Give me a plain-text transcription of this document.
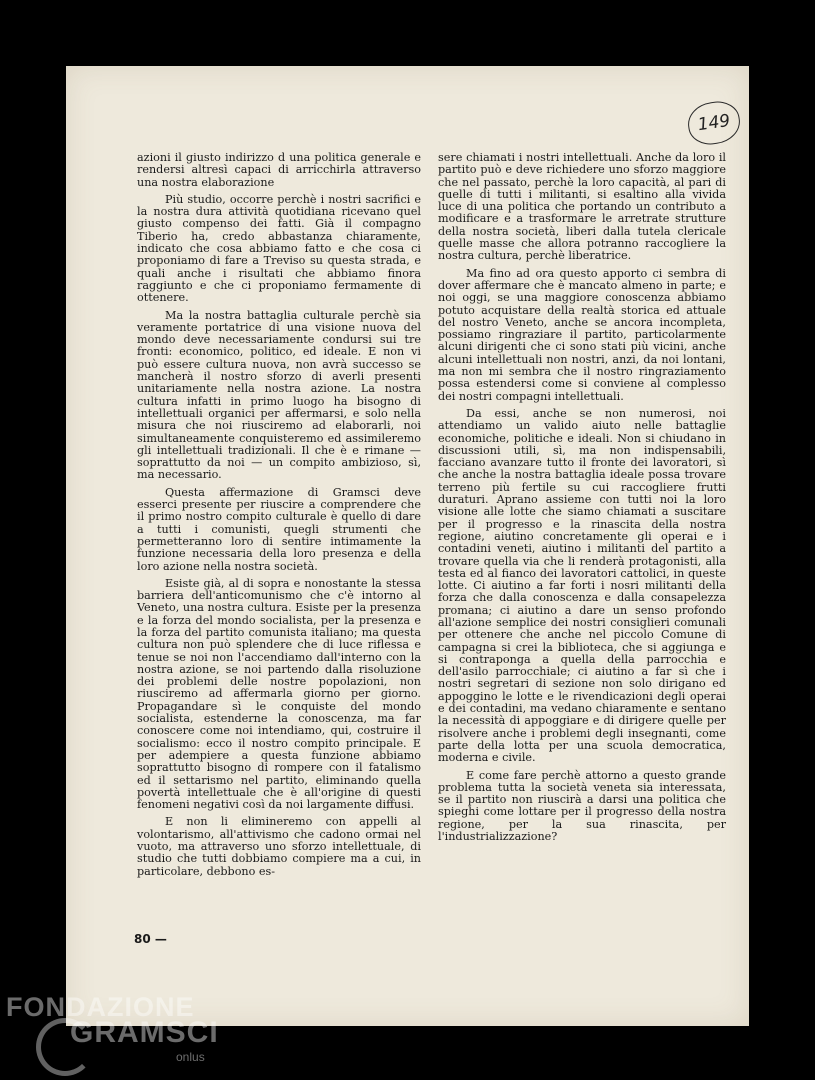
149

azioni il giusto indirizzo d una politica generale e rendersi altresì capaci di arricchirla attraverso una nostra elaborazione

Più studio, occorre perchè i nostri sacrifici e la nostra dura attività quotidiana ricevano quel giusto compenso dei fatti. Già il compagno Tiberio ha, credo abbastanza chiaramente, indicato che cosa abbiamo fatto e che cosa ci proponiamo di fare a Treviso su questa strada, e quali anche i risultati che abbiamo finora raggiunto e che ci proponiamo fermamente di ottenere.

Ma la nostra battaglia culturale perchè sia veramente portatrice di una visione nuova del mondo deve necessariamente condursi sui tre fronti: economico, politico, ed ideale. E non vi può essere cultura nuova, non avrà successo se mancherà il nostro sforzo di averli presenti unitariamente nella nostra azione. La nostra cultura infatti in primo luogo ha bisogno di intellettuali organici per affermarsi, e solo nella misura che noi riusciremo ad elaborarli, noi simultaneamente conquisteremo ed assimileremo gli intellettuali tradizionali. Il che è e rimane — soprattutto da noi — un compito ambizioso, sì, ma necessario.

Questa affermazione di Gramsci deve esserci presente per riuscire a comprendere che il primo nostro compito culturale è quello di dare a tutti i comunisti, quegli strumenti che permetteranno loro di sentire intimamente la funzione necessaria della loro presenza e della loro azione nella nostra società.

Esiste già, al di sopra e nonostante la stessa barriera dell'anticomunismo che c'è intorno al Veneto, una nostra cultura. Esiste per la presenza e la forza del mondo socialista, per la presenza e la forza del partito comunista italiano; ma questa cultura non può splendere che di luce riflessa e tenue se noi non l'accendiamo dall'interno con la nostra azione, se noi partendo dalla risoluzione dei problemi delle nostre popolazioni, non riusciremo ad affermarla giorno per giorno. Propagandare sì le conquiste del mondo socialista, estenderne la conoscenza, ma far conoscere come noi intendiamo, qui, costruire il socialismo: ecco il nostro compito principale. E per adempiere a questa funzione abbiamo soprattutto bisogno di rompere con il fatalismo ed il settarismo nel partito, eliminando quella povertà intellettuale che è all'origine di questi fenomeni negativi così da noi largamente diffusi.

E non li elimineremo con appelli al volontarismo, all'attivismo che cadono ormai nel vuoto, ma attraverso uno sforzo intellettuale, di studio che tutti dobbiamo compiere ma a cui, in particolare, debbono es-

sere chiamati i nostri intellettuali. Anche da loro il partito può e deve richiedere uno sforzo maggiore che nel passato, perchè la loro capacità, al pari di quelle di tutti i militanti, si esaltino alla vivida luce di una politica che portando un contributo a modificare e a trasformare le arretrate strutture della nostra società, liberi dalla tutela clericale quelle masse che allora potranno raccogliere la nostra cultura, perchè liberatrice.

Ma fino ad ora questo apporto ci sembra di dover affermare che è mancato almeno in parte; e noi oggi, se una maggiore conoscenza abbiamo potuto acquistare della realtà storica ed attuale del nostro Veneto, anche se ancora incompleta, possiamo ringraziare il partito, particolarmente alcuni dirigenti che ci sono stati più vicini, anche alcuni intellettuali non nostri, anzi, da noi lontani, ma non mi sembra che il nostro ringraziamento possa estendersi come si conviene al complesso dei nostri compagni intellettuali.

Da essi, anche se non numerosi, noi attendiamo un valido aiuto nelle battaglie economiche, politiche e ideali. Non si chiudano in discussioni utili, sì, ma non indispensabili, facciano avanzare tutto il fronte dei lavoratori, sì che anche la nostra battaglia ideale possa trovare terreno più fertile su cui raccogliere frutti duraturi. Aprano assieme con tutti noi la loro visione alle lotte che siamo chiamati a suscitare per il progresso e la rinascita della nostra regione, aiutino concretamente gli operai e i contadini veneti, aiutino i militanti del partito a trovare quella via che li renderà protagonisti, alla testa ed al fianco dei lavoratori cattolici, in queste lotte. Ci aiutino a far forti i nosri militanti della forza che dalla conoscenza e dalla consapelezza promana; ci aiutino a dare un senso profondo all'azione semplice dei nostri consiglieri comunali per ottenere che anche nel piccolo Comune di campagna si crei la biblioteca, che si aggiunga e si contraponga a quella della parrocchia e dell'asilo parrocchiale; ci aiutino a far sì che i nostri segretari di sezione non solo dirigano ed appoggino le lotte e le rivendicazioni degli operai e dei contadini, ma vedano chiaramente e sentano la necessità di appoggiare e di dirigere quelle per risolvere anche i problemi degli insegnanti, come parte della lotta per una scuola democratica, moderna e civile.

E come fare perchè attorno a questo grande problema tutta la società veneta sia interessata, se il partito non riuscirà a darsi una politica che spieghi come lottare per il progresso della nostra regione, per la sua rinascita, per l'industrializzazione?

80 —
FONDAZIONE
GRAMSCI
onlus
